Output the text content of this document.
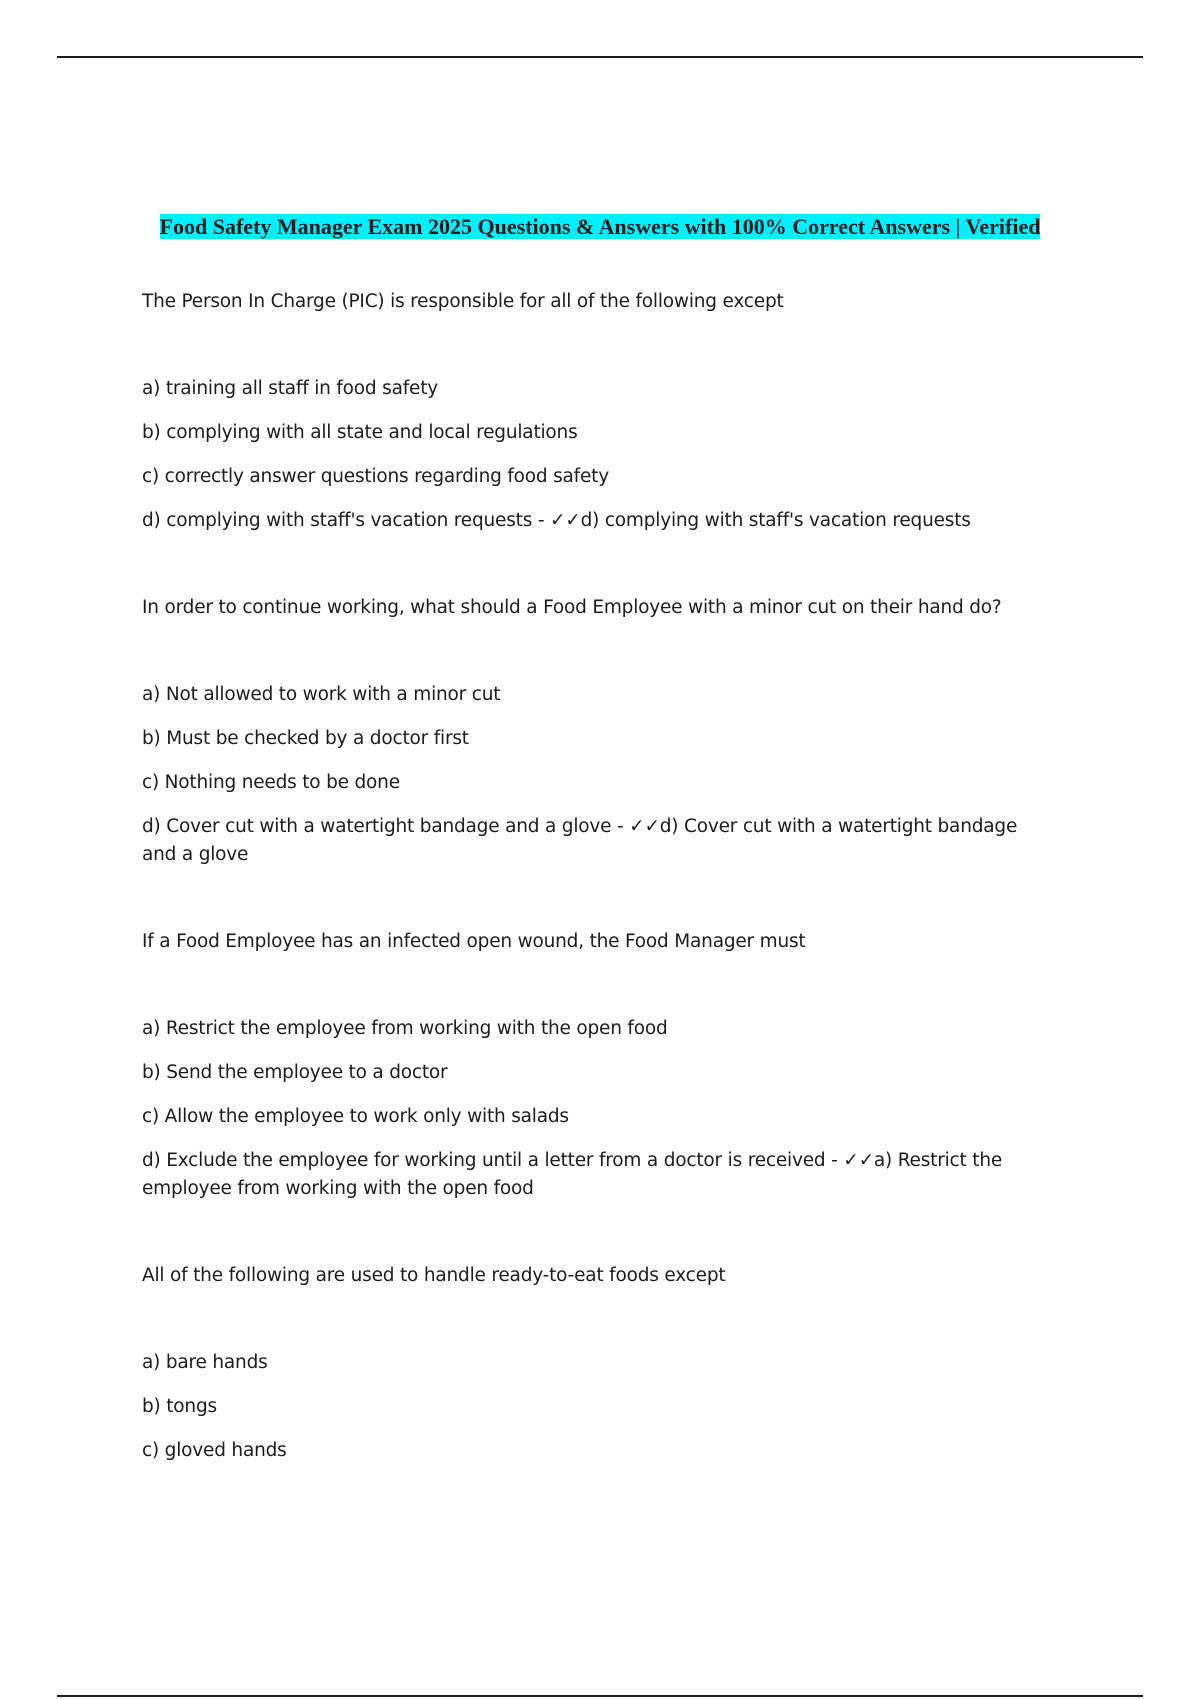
Food Safety Manager Exam 2025 Questions & Answers with 100% Correct Answers | Verified
The Person In Charge (PIC) is responsible for all of the following except
a) training all staff in food safety
b) complying with all state and local regulations
c) correctly answer questions regarding food safety
d) complying with staff's vacation requests - ✓✓d) complying with staff's vacation requests
In order to continue working, what should a Food Employee with a minor cut on their hand do?
a) Not allowed to work with a minor cut
b) Must be checked by a doctor first
c) Nothing needs to be done
d) Cover cut with a watertight bandage and a glove - ✓✓d) Cover cut with a watertight bandage and a glove
If a Food Employee has an infected open wound, the Food Manager must
a) Restrict the employee from working with the open food
b) Send the employee to a doctor
c) Allow the employee to work only with salads
d) Exclude the employee for working until a letter from a doctor is received - ✓✓a) Restrict the employee from working with the open food
All of the following are used to handle ready-to-eat foods except
a) bare hands
b) tongs
c) gloved hands
